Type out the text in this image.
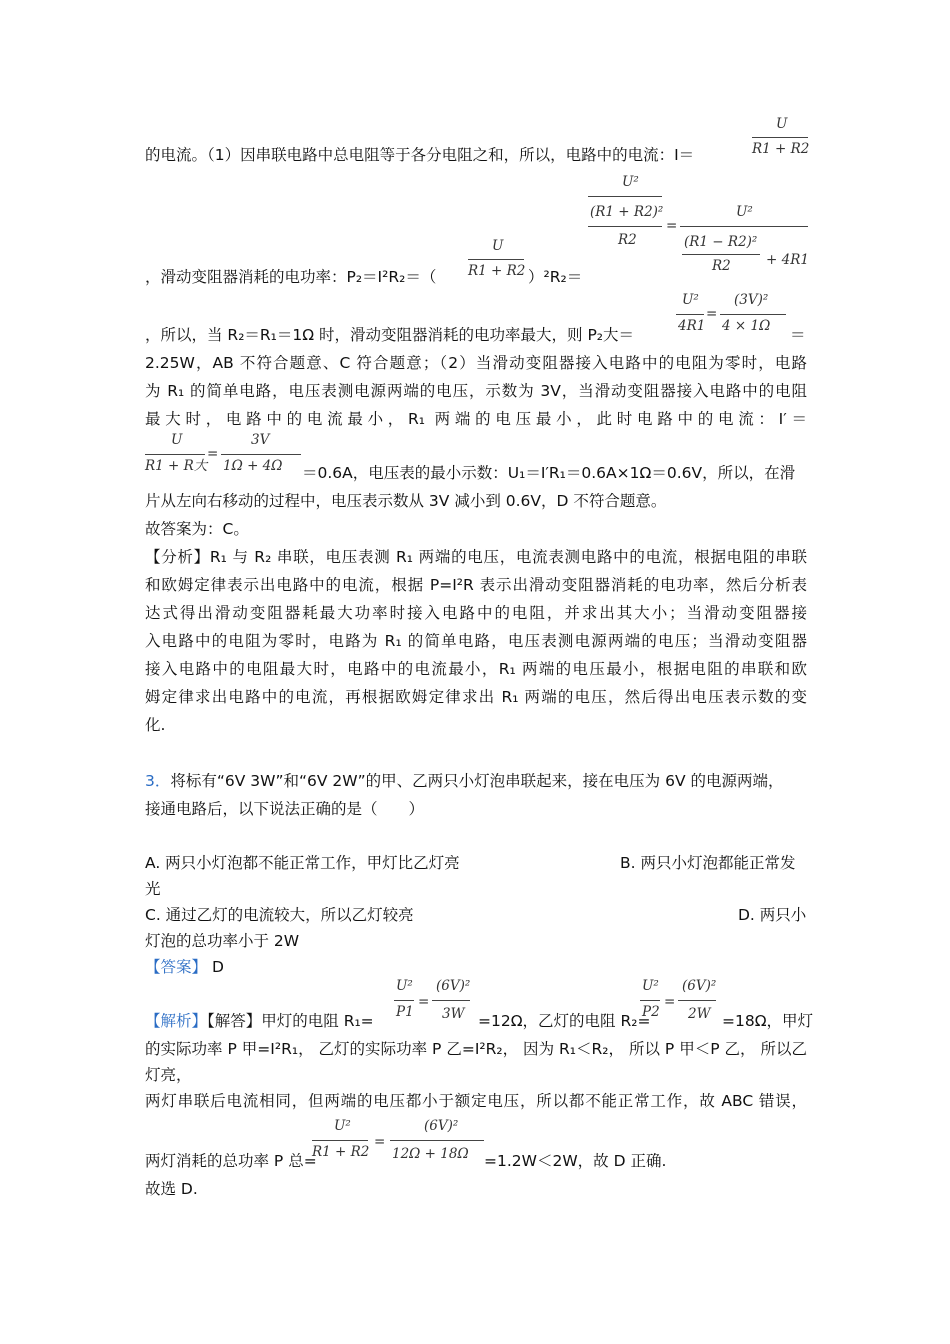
的电流。（1）因串联电路中总电阻等于各分电阻之和，所以，电路中的电流：I＝
U
R1 + R2
U²
(R1 + R2)²
R2
=
U²
(R1 − R2)²
R2	+ 4R1
，滑动变阻器消耗的电功率：P₂＝I²R₂＝（
U
R1 + R2 ）²R₂＝
，所以，当 R₂＝R₁＝1Ω 时，滑动变阻器消耗的电功率最大，则 P₂大＝
U²
4R1
=
(3V)²
4 × 1Ω ＝
2.25W，AB 不符合题意、C 符合题意；（2）当滑动变阻器接入电路中的电阻为零时，电路
为 R₁ 的简单电路，电压表测电源两端的电压，示数为 3V，当滑动变阻器接入电路中的电阻
最大时，电路中的电流最小，R₁ 两端的电压最小，此时电路中的电流：I′＝
U
R1 + R大
=
3V
1Ω + 4Ω ＝0.6A，电压表的最小示数：U₁＝I′R₁＝0.6A×1Ω＝0.6V，所以，在滑
片从左向右移动的过程中，电压表示数从 3V 减小到 0.6V，D 不符合题意。
故答案为：C。
【分析】R₁ 与 R₂ 串联，电压表测 R₁ 两端的电压，电流表测电路中的电流，根据电阻的串联
和欧姆定律表示出电路中的电流，根据 P=I²R 表示出滑动变阻器消耗的电功率，然后分析表
达式得出滑动变阻器耗最大功率时接入电路中的电阻，并求出其大小；当滑动变阻器接
入电路中的电阻为零时，电路为 R₁ 的简单电路，电压表测电源两端的电压；当滑动变阻器
接入电路中的电阻最大时，电路中的电流最小，R₁ 两端的电压最小，根据电阻的串联和欧
姆定律求出电路中的电流，再根据欧姆定律求出 R₁ 两端的电压，然后得出电压表示数的变
化.
3．将标有“6V 3W”和“6V 2W”的甲、乙两只小灯泡串联起来，接在电压为 6V 的电源两端，
接通电路后，以下说法正确的是（　　）
A. 两只小灯泡都不能正常工作，甲灯比乙灯亮	B. 两只小灯泡都能正常发
光
C. 通过乙灯的电流较大，所以乙灯较亮	D. 两只小
灯泡的总功率小于 2W
【答案】 D
U²
P1
=
(6V)²
3W
U²
P2
=
(6V)²
2W
【解析】【解答】甲灯的电阻 R₁=	=12Ω，乙灯的电阻 R₂=	=18Ω，甲灯
的实际功率 P 甲=I²R₁， 乙灯的实际功率 P 乙=I²R₂， 因为 R₁＜R₂， 所以 P 甲＜P 乙， 所以乙
灯亮，
两灯串联后电流相同，但两端的电压都小于额定电压，所以都不能正常工作，故 ABC 错误，
U²
R1 + R2
=
(6V)²
12Ω + 18Ω
两灯消耗的总功率 P 总=	=1.2W＜2W，故 D 正确.
故选 D.
